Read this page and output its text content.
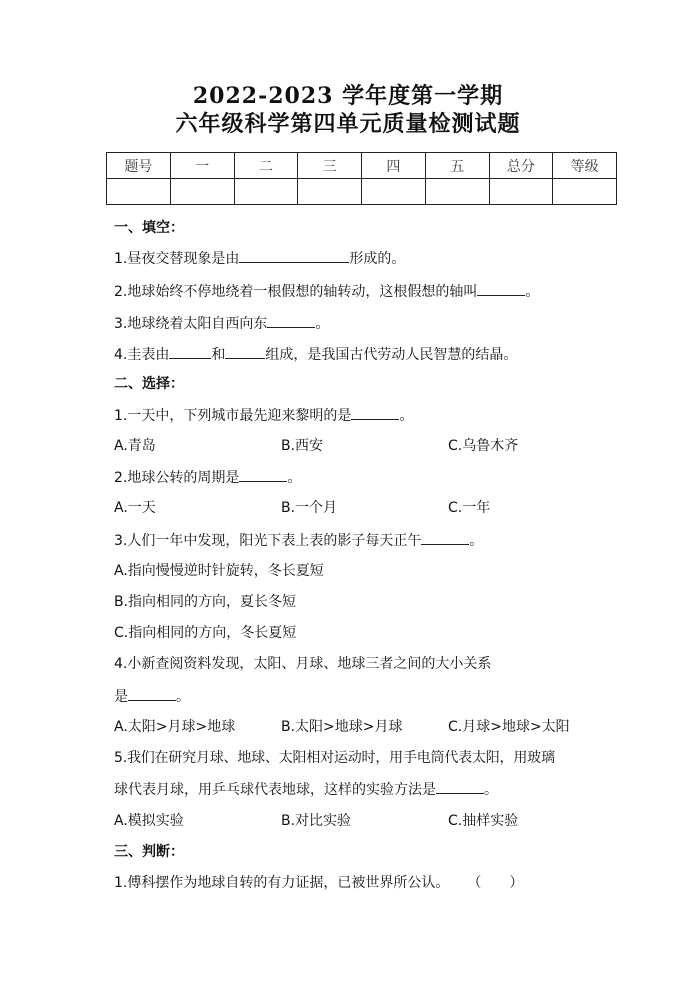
2022-2023 学年度第一学期
六年级科学第四单元质量检测试题
题号	一	二	三	四	五	总分	等级

一、填空：
1.昼夜交替现象是由	形成的。
2.地球始终不停地绕着一根假想的轴转动，这根假想的轴叫	。
3.地球绕着太阳自西向东	。
4.圭表由	和	组成，是我国古代劳动人民智慧的结晶。
二、选择：
1.一天中，下列城市最先迎来黎明的是	。
A.青岛	B.西安	C.乌鲁木齐
2.地球公转的周期是	。
A.一天	B.一个月	C.一年
3.人们一年中发现，阳光下表上表的影子每天正午	。
A.指向慢慢逆时针旋转，冬长夏短
B.指向相同的方向，夏长冬短
C.指向相同的方向，冬长夏短
4.小新查阅资料发现，太阳、月球、地球三者之间的大小关系
是	。
A.太阳>月球>地球	B.太阳>地球>月球	C.月球>地球>太阳
5.我们在研究月球、地球、太阳相对运动时，用手电筒代表太阳，用玻璃
球代表月球，用乒乓球代表地球，这样的实验方法是	。
A.模拟实验	B.对比实验	C.抽样实验
三、判断：
1.傅科摆作为地球自转的有力证据，已被世界所公认。 （　　）
